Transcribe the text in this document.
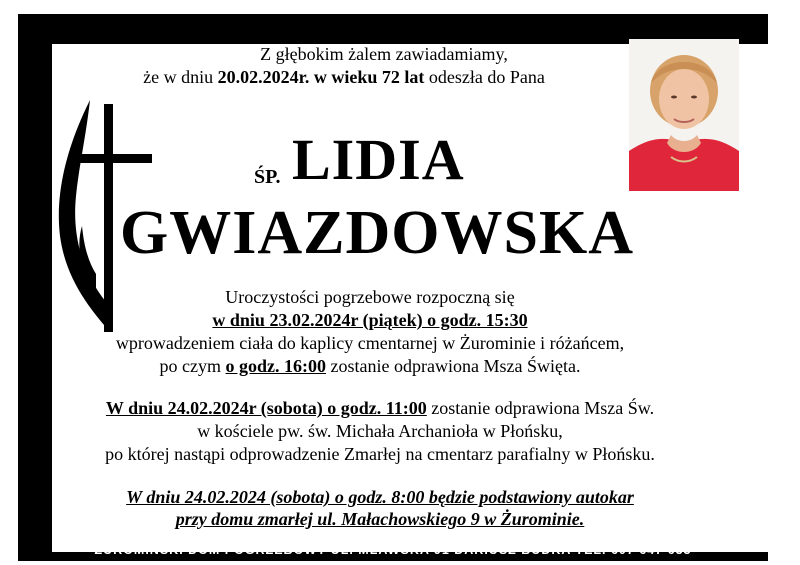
Z głębokim żalem zawiadamiamy,
że w dniu 20.02.2024r. w wieku 72 lat odeszła do Pana
ŚP. LIDIA
GWIAZDOWSKA
Uroczystości pogrzebowe rozpoczną się
w dniu 23.02.2024r (piątek) o godz. 15:30
wprowadzeniem ciała do kaplicy cmentarnej w Żurominie i różańcem,
po czym o godz. 16:00 zostanie odprawiona Msza Święta.
W dniu 24.02.2024r (sobota) o godz. 11:00 zostanie odprawiona Msza Św.
w kościele pw. św. Michała Archanioła w Płońsku,
po której nastąpi odprowadzenie Zmarłej na cmentarz parafialny w Płońsku.
W dniu 24.02.2024 (sobota) o godz. 8:00 będzie podstawiony autokar
przy domu zmarłej ul. Małachowskiego 9 w Żurominie.
ŻUROMIŃSKI DOM POGRZEBOWY UL. MŁAWSKA 91 DARIUSZ BUDKA TEL. 607 647 633
